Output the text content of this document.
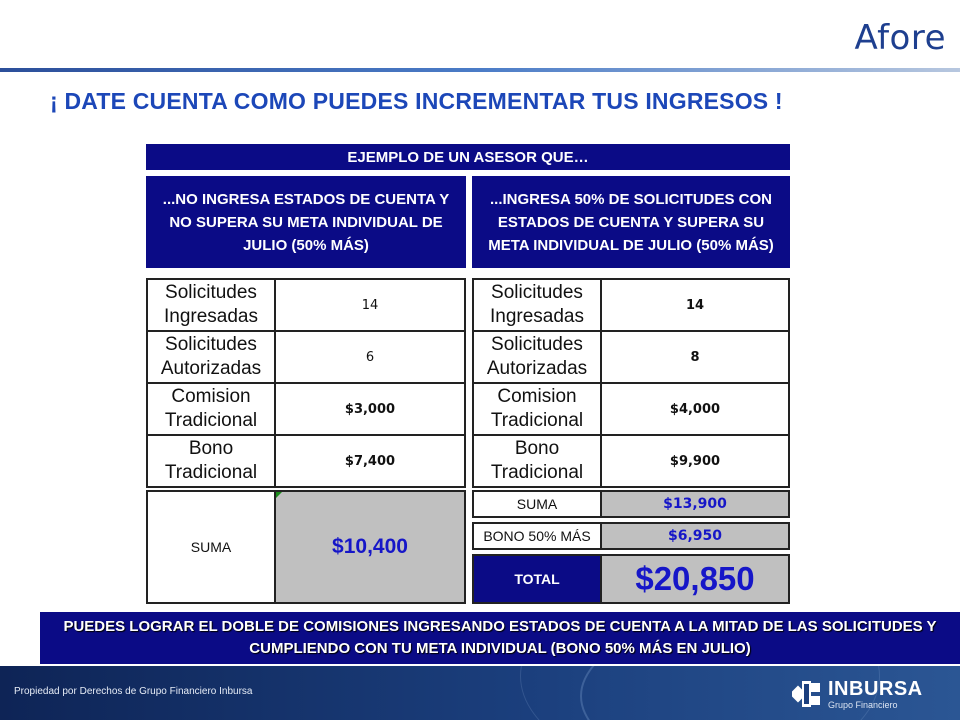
Afore
¡ DATE CUENTA COMO PUEDES INCREMENTAR TUS INGRESOS !
EJEMPLO DE UN ASESOR QUE…
...NO INGRESA ESTADOS DE CUENTA Y NO SUPERA SU META INDIVIDUAL DE JULIO (50% MÁS)
...INGRESA 50% DE SOLICITUDES CON ESTADOS DE CUENTA Y SUPERA SU META INDIVIDUAL DE JULIO (50% MÁS)
Solicitudes
Ingresadas	14
Solicitudes
Autorizadas	6
Comision
Tradicional	$3,000
Bono
Tradicional	$7,400
Solicitudes
Ingresadas	14
Solicitudes
Autorizadas	8
Comision
Tradicional	$4,000
Bono
Tradicional	$9,900
SUMA	$10,400
SUMA	$13,900
BONO 50% MÁS	$6,950
TOTAL	$20,850
PUEDES LOGRAR EL DOBLE DE COMISIONES INGRESANDO ESTADOS DE CUENTA A LA MITAD DE LAS SOLICITUDES Y CUMPLIENDO CON TU META INDIVIDUAL (BONO 50% MÁS EN JULIO)
Propiedad por Derechos de Grupo Financiero Inbursa	INBURSA
Grupo Financiero
